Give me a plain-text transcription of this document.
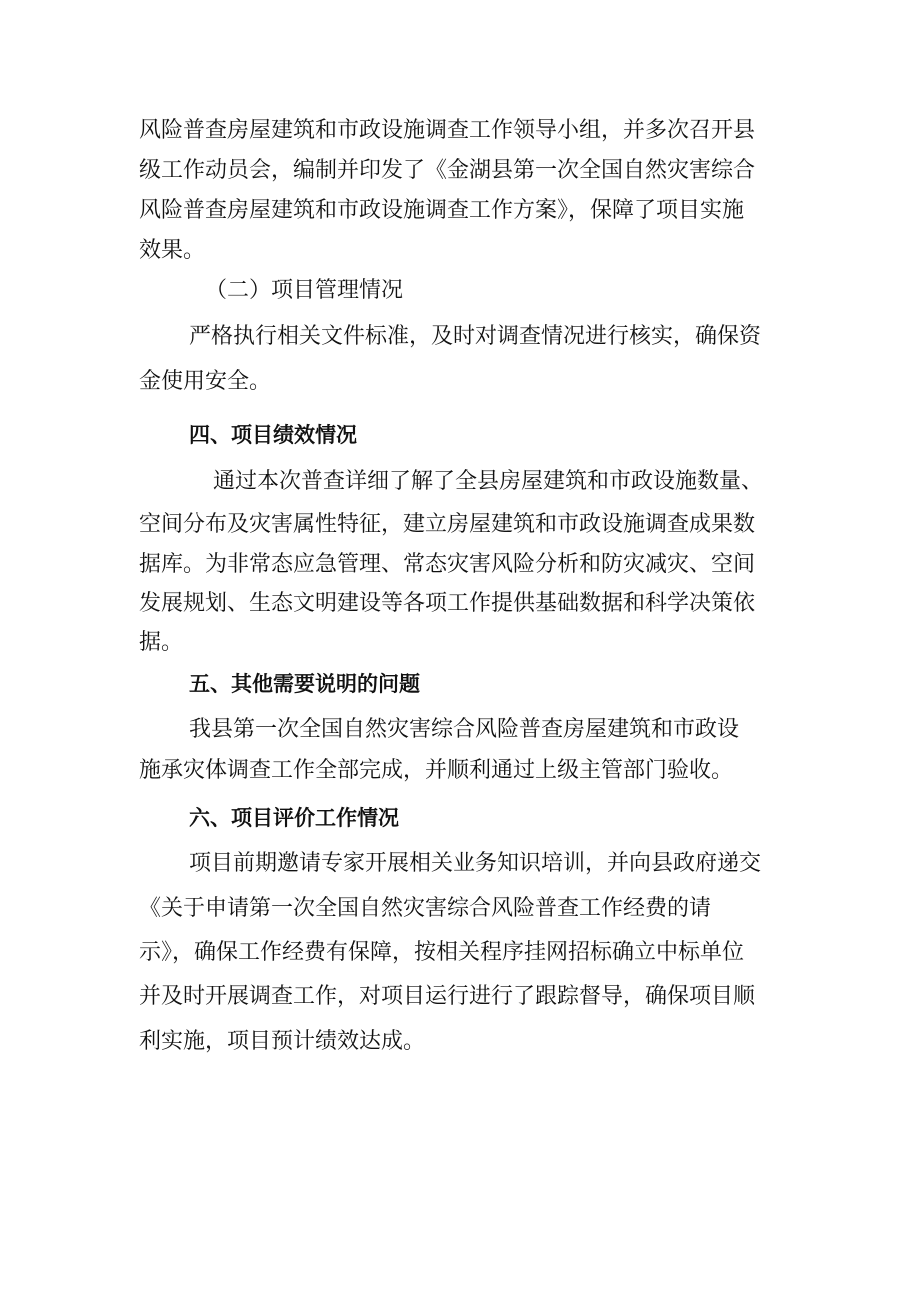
风险普查房屋建筑和市政设施调查工作领导小组，并多次召开县
级工作动员会，编制并印发了《金湖县第一次全国自然灾害综合
风险普查房屋建筑和市政设施调查工作方案》，保障了项目实施
效果。
（二）项目管理情况
严格执行相关文件标准，及时对调查情况进行核实，确保资
金使用安全。
四、项目绩效情况
通过本次普查详细了解了全县房屋建筑和市政设施数量、
空间分布及灾害属性特征，建立房屋建筑和市政设施调查成果数
据库。为非常态应急管理、常态灾害风险分析和防灾减灾、空间
发展规划、生态文明建设等各项工作提供基础数据和科学决策依
据。
五、其他需要说明的问题
我县第一次全国自然灾害综合风险普查房屋建筑和市政设
施承灾体调查工作全部完成，并顺利通过上级主管部门验收。
六、项目评价工作情况
项目前期邀请专家开展相关业务知识培训，并向县政府递交
《关于申请第一次全国自然灾害综合风险普查工作经费的请
示》，确保工作经费有保障，按相关程序挂网招标确立中标单位
并及时开展调查工作，对项目运行进行了跟踪督导，确保项目顺
利实施，项目预计绩效达成。
